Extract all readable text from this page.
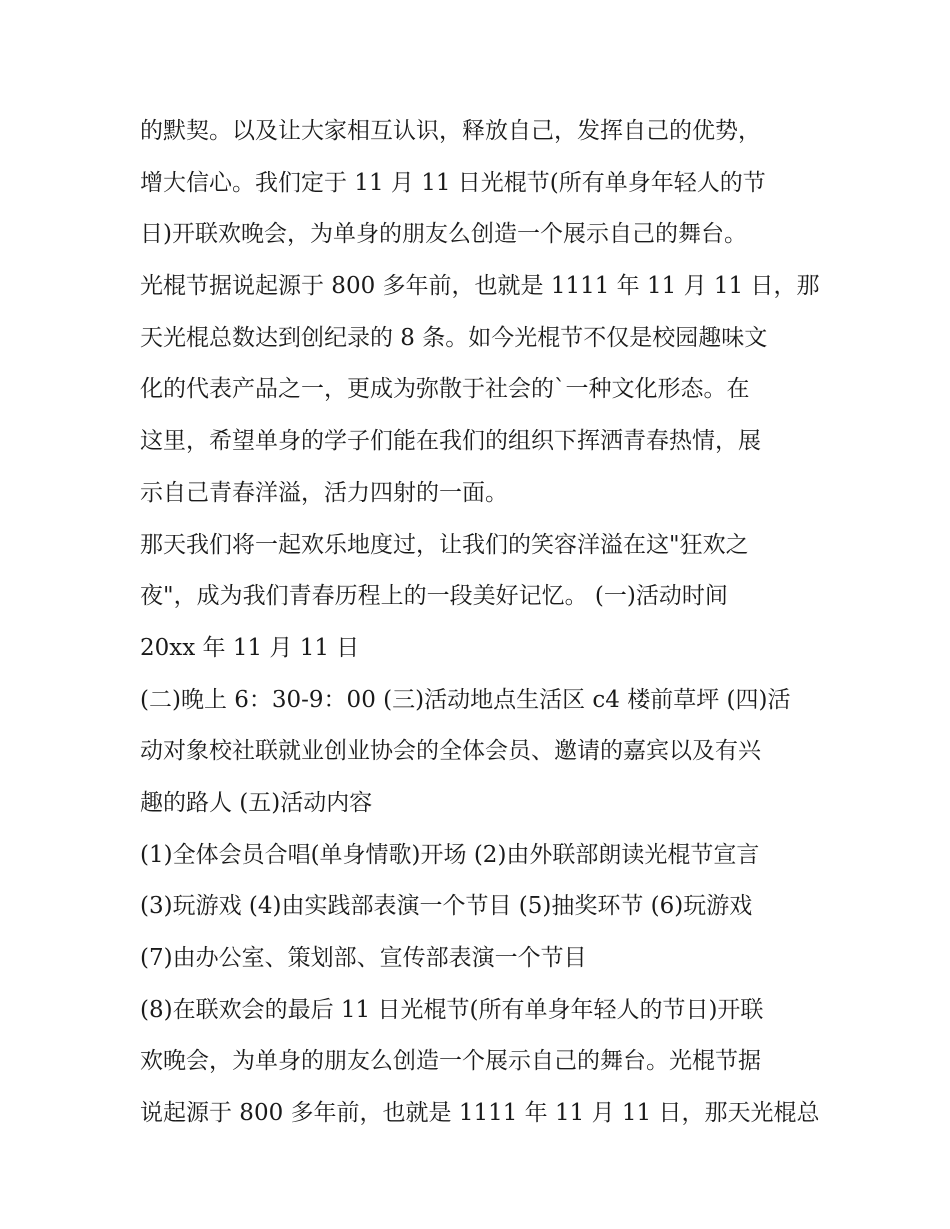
的默契。以及让大家相互认识，释放自己，发挥自己的优势，
增大信心。我们定于 11 月 11 日光棍节(所有单身年轻人的节
日)开联欢晚会，为单身的朋友么创造一个展示自己的舞台。
光棍节据说起源于 800 多年前，也就是 1111 年 11 月 11 日，那
天光棍总数达到创纪录的 8 条。如今光棍节不仅是校园趣味文
化的代表产品之一，更成为弥散于社会的`一种文化形态。在
这里，希望单身的学子们能在我们的组织下挥洒青春热情，展
示自己青春洋溢，活力四射的一面。
那天我们将一起欢乐地度过，让我们的笑容洋溢在这"狂欢之
夜"，成为我们青春历程上的一段美好记忆。 (一)活动时间
20xx 年 11 月 11 日
(二)晚上 6：30-9：00 (三)活动地点生活区 c4 楼前草坪 (四)活
动对象校社联就业创业协会的全体会员、邀请的嘉宾以及有兴
趣的路人 (五)活动内容
(1)全体会员合唱(单身情歌)开场 (2)由外联部朗读光棍节宣言
(3)玩游戏 (4)由实践部表演一个节目 (5)抽奖环节 (6)玩游戏
(7)由办公室、策划部、宣传部表演一个节目
(8)在联欢会的最后 11 日光棍节(所有单身年轻人的节日)开联
欢晚会，为单身的朋友么创造一个展示自己的舞台。光棍节据
说起源于 800 多年前，也就是 1111 年 11 月 11 日，那天光棍总
